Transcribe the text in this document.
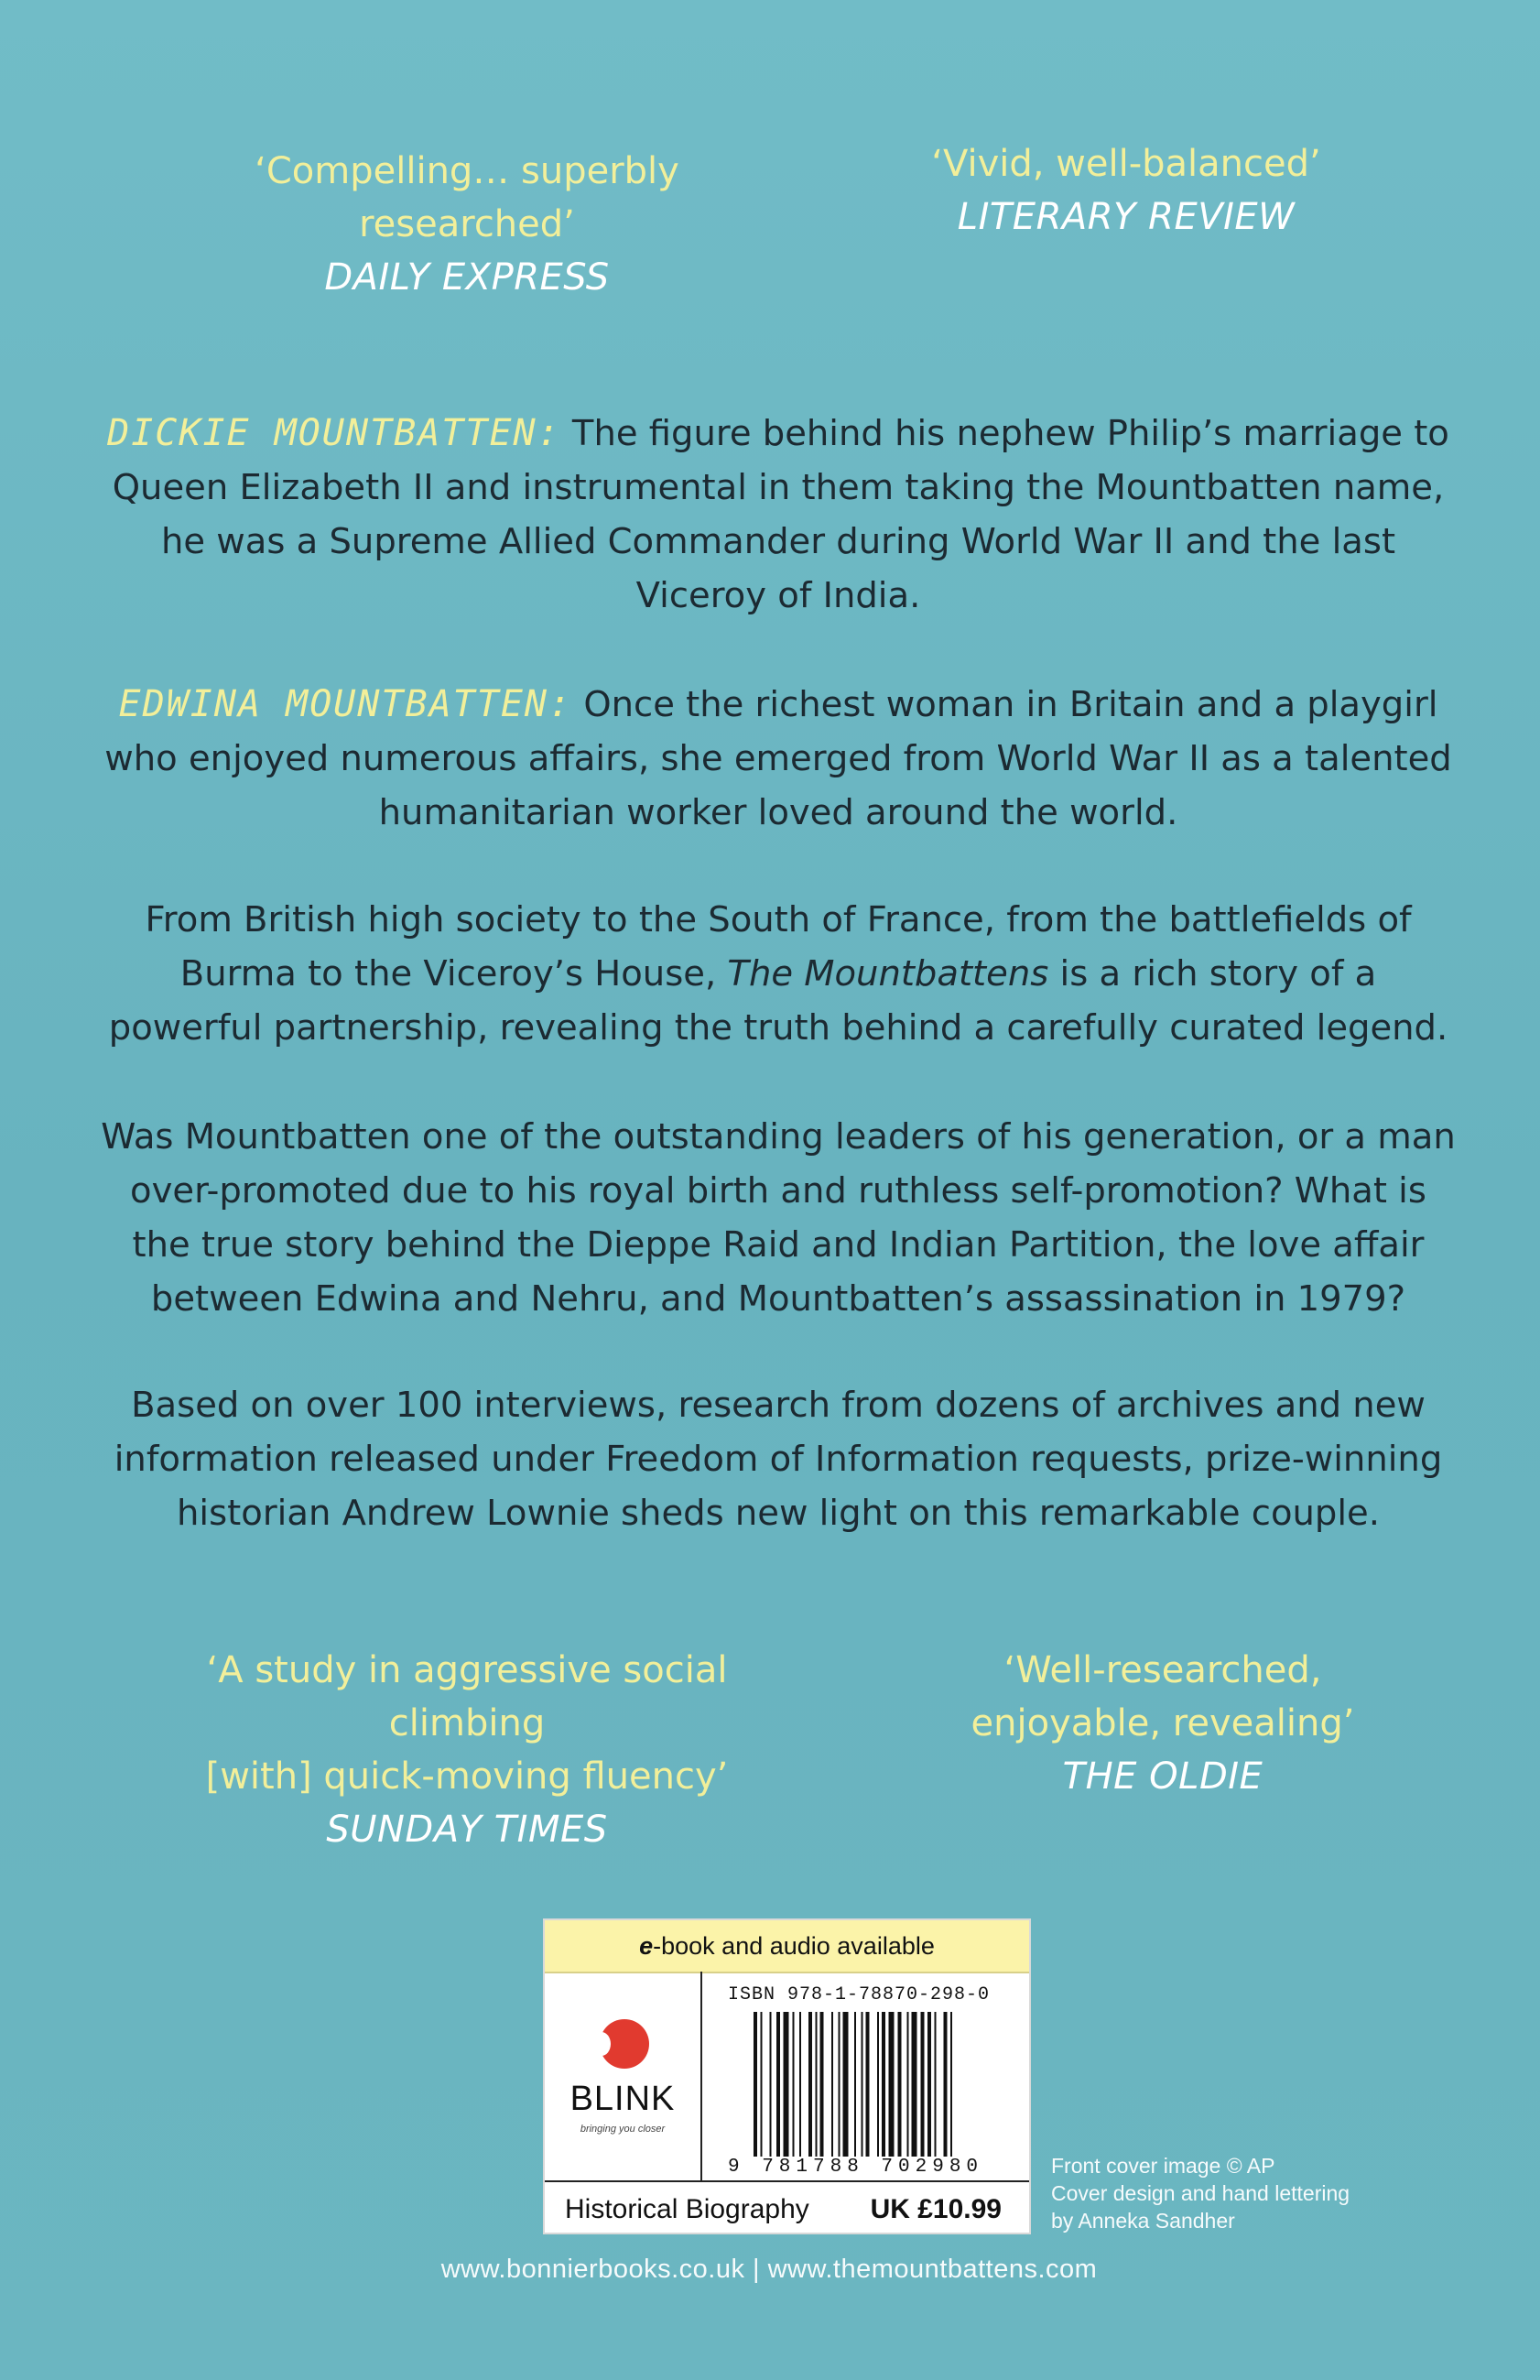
‘Compelling… superbly
researched’
DAILY EXPRESS
‘Vivid, well-balanced’
LITERARY REVIEW
DICKIE MOUNTBATTEN: The figure behind his nephew Philip’s marriage to Queen Elizabeth II and instrumental in them taking the Mountbatten name, he was a Supreme Allied Commander during World War II and the last Viceroy of India.
EDWINA MOUNTBATTEN: Once the richest woman in Britain and a playgirl who enjoyed numerous affairs, she emerged from World War II as a talented humanitarian worker loved around the world.
From British high society to the South of France, from the battlefields of Burma to the Viceroy’s House, The Mountbattens is a rich story of a powerful partnership, revealing the truth behind a carefully curated legend.
Was Mountbatten one of the outstanding leaders of his generation, or a man over-promoted due to his royal birth and ruthless self-promotion? What is the true story behind the Dieppe Raid and Indian Partition, the love affair between Edwina and Nehru, and Mountbatten’s assassination in 1979?
Based on over 100 interviews, research from dozens of archives and new information released under Freedom of Information requests, prize-winning historian Andrew Lownie sheds new light on this remarkable couple.
‘A study in aggressive social climbing
[with] quick-moving fluency’
SUNDAY TIMES
‘Well-researched,
enjoyable, revealing’
THE OLDIE
e-book and audio available
BLINK
bringing you closer
ISBN 978-1-78870-298-0
9 781788 702980
Historical Biography UK £10.99
Front cover image © AP
Cover design and hand lettering
by Anneka Sandher
www.bonnierbooks.co.uk | www.themountbattens.com
